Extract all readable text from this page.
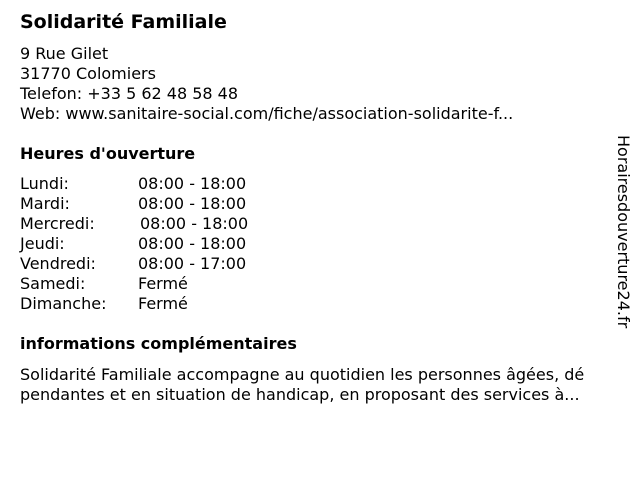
Solidarité Familiale
9 Rue Gilet
31770 Colomiers
Telefon: +33 5 62 48 58 48
Web: www.sanitaire-social.com/fiche/association-solidarite-f...
Heures d'ouverture
Lundi:	08:00 - 18:00
Mardi:	08:00 - 18:00
Mercredi:	08:00 - 18:00
Jeudi:	08:00 - 18:00
Vendredi:	08:00 - 17:00
Samedi:	Fermé
Dimanche: Fermé
informations complémentaires
Solidarité Familiale accompagne au quotidien les personnes âgées, dé
pendantes et en situation de handicap, en proposant des services à...
Horairesdouverture24.fr
